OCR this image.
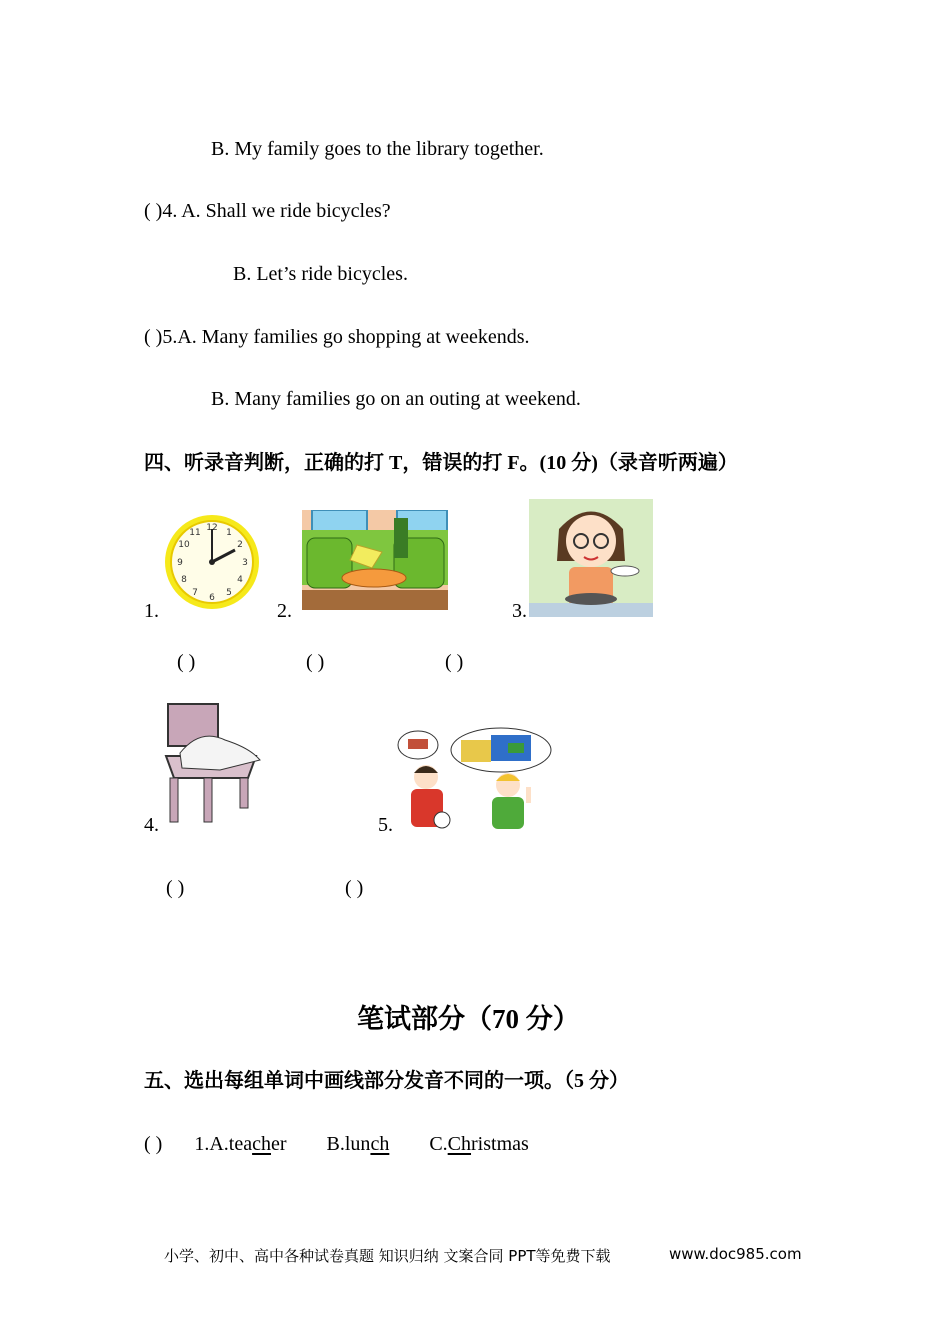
B. My family goes to the library together.
( )4. A. Shall we ride bicycles?
B. Let’s ride bicycles.
( )5.A. Many families go shopping at weekends.
B. Many families go on an outing at weekend.
四、听录音判断，正确的打 T，错误的打 F。(10 分)（录音听两遍）
1.
12 1
2
3
4
5
6
7
8
9
10
11
2.	3.
( )	( )	( )
4.	5.
( )	( )
笔试部分（70 分）
五、选出每组单词中画线部分发音不同的一项。（5 分）
( ) 1.A.teacher B.lunch C.Christmas
小学、初中、高中各种试卷真题 知识归纳 文案合同 PPT等免费下载	www.doc985.com
